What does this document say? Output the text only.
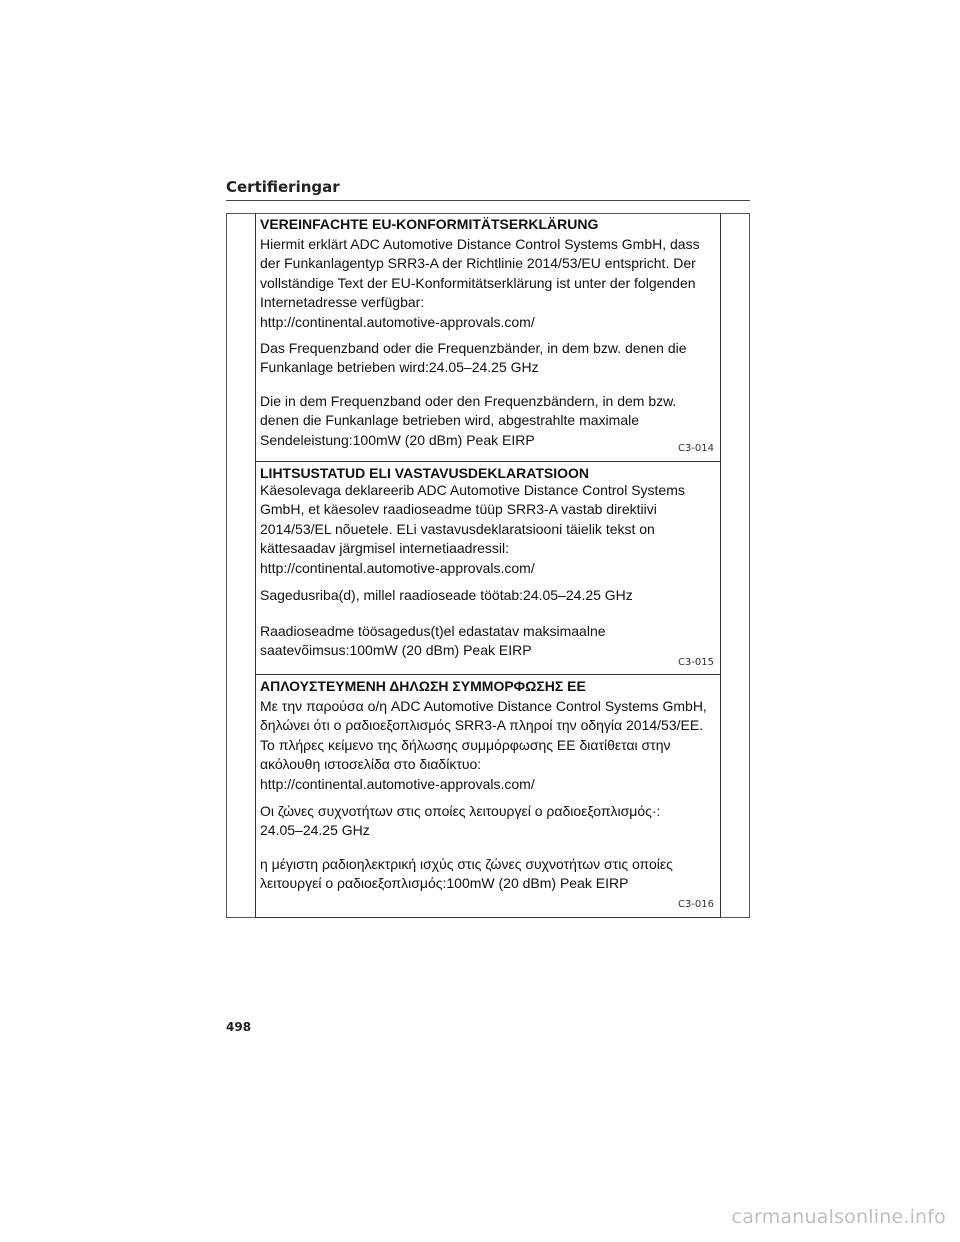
Certifieringar
VEREINFACHTE EU-KONFORMITÄTSERKLÄRUNG
Hiermit erklärt ADC Automotive Distance Control Systems GmbH, dass
der Funkanlagentyp SRR3-A der Richtlinie 2014/53/EU entspricht. Der
vollständige Text der EU-Konformitätserklärung ist unter der folgenden
Internetadresse verfügbar:
http://continental.automotive-approvals.com/
Das Frequenzband oder die Frequenzbänder, in dem bzw. denen die
Funkanlage betrieben wird:24.05–24.25 GHz
Die in dem Frequenzband oder den Frequenzbändern, in dem bzw.
denen die Funkanlage betrieben wird, abgestrahlte maximale
Sendeleistung:100mW (20 dBm) Peak EIRP
C3-014
LIHTSUSTATUD ELI VASTAVUSDEKLARATSIOON
Käesolevaga deklareerib ADC Automotive Distance Control Systems
GmbH, et käesolev raadioseadme tüüp SRR3-A vastab direktiivi
2014/53/EL nõuetele. ELi vastavusdeklaratsiooni täielik tekst on
kättesaadav järgmisel internetiaadressil:
http://continental.automotive-approvals.com/
Sagedusriba(d), millel raadioseade töötab:24.05–24.25 GHz
Raadioseadme töösagedus(t)el edastatav maksimaalne
saatevõimsus:100mW (20 dBm) Peak EIRP
C3-015
ΑΠΛΟΥΣΤΕΥΜΕΝΗ ΔΗΛΩΣΗ ΣΥΜΜΟΡΦΩΣΗΣ ΕΕ
Με την παρούσα ο/η ADC Automotive Distance Control Systems GmbH,
δηλώνει ότι ο ραδιοεξοπλισμός SRR3-A πληροί την οδηγία 2014/53/ΕΕ.
Το πλήρες κείμενο της δήλωσης συμμόρφωσης ΕΕ διατίθεται στην
ακόλουθη ιστοσελίδα στο διαδίκτυο:
http://continental.automotive-approvals.com/
Οι ζώνες συχνοτήτων στις οποίες λειτουργεί ο ραδιοεξοπλισμός·:
24.05–24.25 GHz
η μέγιστη ραδιοηλεκτρική ισχύς στις ζώνες συχνοτήτων στις οποίες
λειτουργεί ο ραδιοεξοπλισμός:100mW (20 dBm) Peak EIRP
C3-016
498
carmanualsonline.info
